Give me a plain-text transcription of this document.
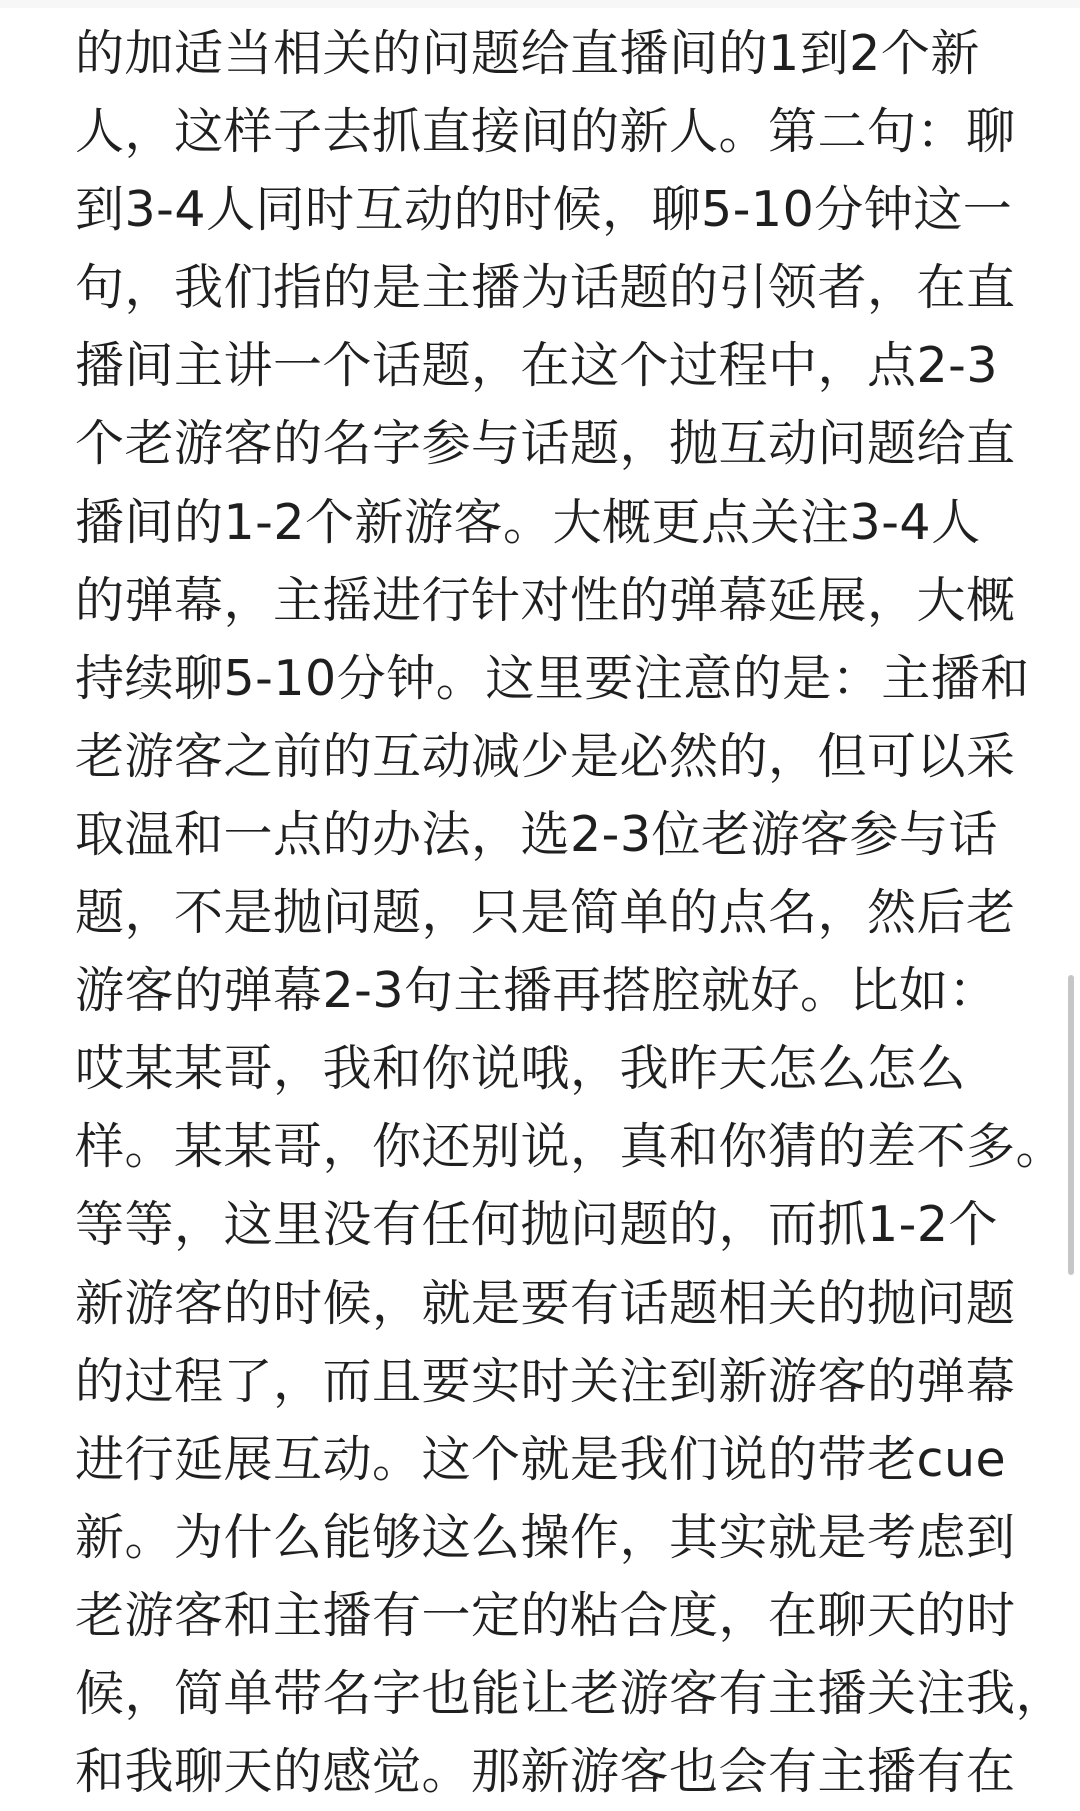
的加适当相关的问题给直播间的1到2个新
人，这样子去抓直接间的新人。第二句：聊
到3-4人同时互动的时候，聊5-10分钟这一
句，我们指的是主播为话题的引领者，在直
播间主讲一个话题，在这个过程中，点2-3
个老游客的名字参与话题，抛互动问题给直
播间的1-2个新游客。大概更点关注3-4人
的弹幕，主摇进行针对性的弹幕延展，大概
持续聊5-10分钟。这里要注意的是：主播和
老游客之前的互动减少是必然的，但可以采
取温和一点的办法，选2-3位老游客参与话
题，不是抛问题，只是简单的点名，然后老
游客的弹幕2-3句主播再搭腔就好。比如：
哎某某哥，我和你说哦，我昨天怎么怎么
样。某某哥，你还别说，真和你猜的差不多。
等等，这里没有任何抛问题的，而抓1-2个
新游客的时候，就是要有话题相关的抛问题
的过程了，而且要实时关注到新游客的弹幕
进行延展互动。这个就是我们说的带老cue
新。为什么能够这么操作，其实就是考虑到
老游客和主播有一定的粘合度，在聊天的时
候，简单带名字也能让老游客有主播关注我，
和我聊天的感觉。那新游客也会有主播有在
